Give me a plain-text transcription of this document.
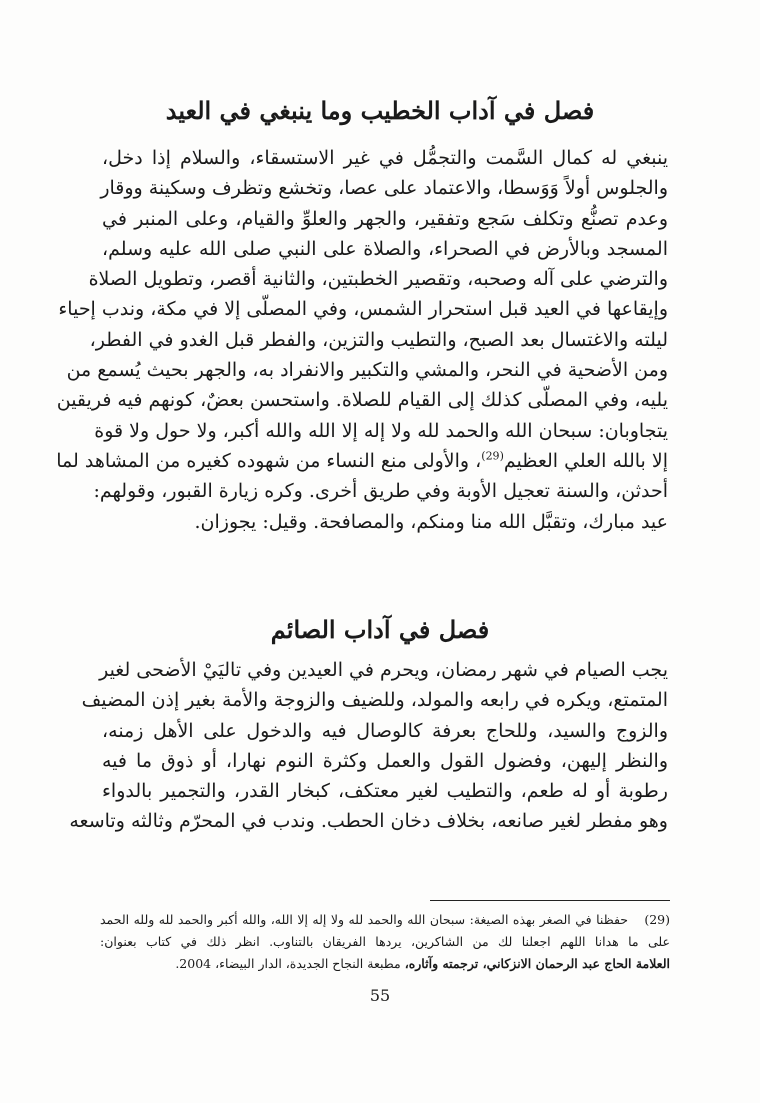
فصل في آداب الخطيب وما ينبغي في العيد
ينبغي له كمال السَّمت والتجمُّل في غير الاستسقاء، والسلام إذا دخل،
والجلوس أولاً وَوَسطا، والاعتماد على عصا، وتخشع وتظرف وسكينة ووقار
وعدم تصنُّع وتكلف سَجع وتفقير، والجهر والعلوِّ والقيام، وعلى المنبر في
المسجد وبالأرض في الصحراء، والصلاة على النبي صلى الله عليه وسلم،
والترضي على آله وصحبه، وتقصير الخطبتين، والثانية أقصر، وتطويل الصلاة
وإيقاعها في العيد قبل استحرار الشمس، وفي المصلّى إلا في مكة، وندب إحياء
ليلته والاغتسال بعد الصبح، والتطيب والتزين، والفطر قبل الغدو في الفطر،
ومن الأضحية في النحر، والمشي والتكبير والانفراد به، والجهر بحيث يُسمع من
يليه، وفي المصلّى كذلك إلى القيام للصلاة. واستحسن بعضٌ، كونهم فيه فريقين
يتجاوبان: سبحان الله والحمد لله ولا إله إلا الله والله أكبر، ولا حول ولا قوة
إلا بالله العلي العظيم$^{(29)}$، والأولى منع النساء من شهوده كغيره من المشاهد لما
أحدثن، والسنة تعجيل الأوبة وفي طريق أخرى. وكره زيارة القبور، وقولهم:
عيد مبارك، وتقبَّل الله منا ومنكم، والمصافحة. وقيل: يجوزان.
فصل في آداب الصائم
يجب الصيام في شهر رمضان، ويحرم في العيدين وفي تاليَيْ الأضحى لغير
المتمتع، ويكره في رابعه والمولد، وللضيف والزوجة والأمة بغير إذن المضيف
والزوج والسيد، وللحاج بعرفة كالوصال فيه والدخول على الأهل زمنه،
والنظر إليهن، وفضول القول والعمل وكثرة النوم نهارا، أو ذوق ما فيه
رطوبة أو له طعم، والتطيب لغير معتكف، كبخار القدر، والتجمير بالدواء
وهو مفطر لغير صانعه، بخلاف دخان الحطب. وندب في المحرّم وثالثه وتاسعه
(29)
حفظنا في الصغر بهذه الصيغة: سبحان الله والحمد لله ولا إله إلا الله، والله أكبر والحمد لله ولله الحمد
على ما هدانا اللهم اجعلنا لك من الشاكرين، يردها الفريقان بالتناوب. انظر ذلك في كتاب بعنوان:
العلامة الحاج عبد الرحمان الانزكاني، ترجمته وآثاره، مطبعة النجاح الجديدة، الدار البيضاء، 2004.
55
